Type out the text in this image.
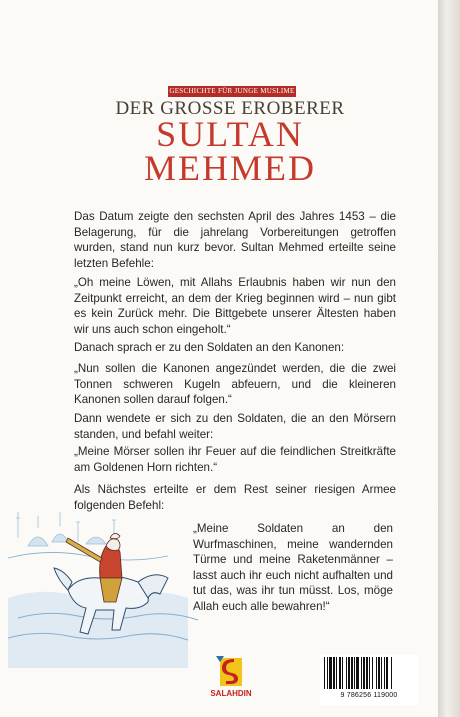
GESCHICHTE FÜR JUNGE MUSLIME
DER GROSSE EROBERER
SULTAN
MEHMED
Das Datum zeigte den sechsten April des Jahres 1453 – die Belagerung, für die jahrelang Vorbereitungen getroffen wurden, stand nun kurz bevor. Sultan Mehmed erteilte seine letzten Befehle:
„Oh meine Löwen, mit Allahs Erlaubnis haben wir nun den Zeitpunkt erreicht, an dem der Krieg beginnen wird – nun gibt es kein Zurück mehr. Die Bittgebete unserer Ältesten haben wir uns auch schon eingeholt.“
Danach sprach er zu den Soldaten an den Kanonen:
„Nun sollen die Kanonen angezündet werden, die die zwei Tonnen schweren Kugeln abfeuern, und die kleineren Kanonen sollen darauf folgen.“
Dann wendete er sich zu den Soldaten, die an den Mörsern standen, und befahl weiter:
„Meine Mörser sollen ihr Feuer auf die feindlichen Streitkräfte am Goldenen Horn richten.“
Als Nächstes erteilte er dem Rest seiner riesigen Armee folgenden Befehl:
„Meine Soldaten an den Wurfmaschinen, meine wandernden Türme und meine Raketenmänner – lasst auch ihr euch nicht aufhalten und tut das, was ihr tun müsst. Los, möge Allah euch alle bewahren!“
SALAHDIN	9 786256 119000
